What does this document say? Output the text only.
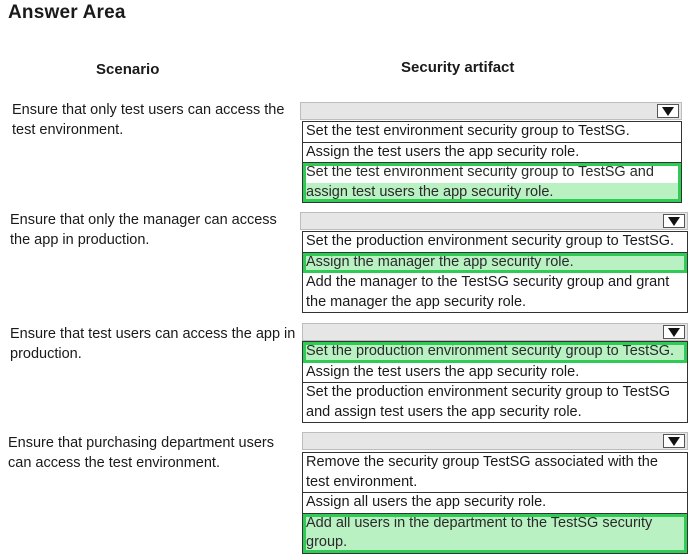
Answer Area
Scenario	Security artifact
Ensure that only test users can access the test environment.	Set the test environment security group to TestSG.
Assign the test users the app security role.
Set the test environment security group to TestSG and
assign test users the app security role.
Ensure that only the manager can access the app in production.	Set the production environment security group to TestSG.
Assign the manager the app security role.
Add the manager to the TestSG security group and grant the manager the app security role.
Ensure that test users can access the app in production.	Set the production environment security group to TestSG.
Assign the test users the app security role.
Set the production environment security group to TestSG and assign test users the app security role.
Ensure that purchasing department users can access the test environment.	Remove the security group TestSG associated with the test environment.
Assign all users the app security role.
Add all users in the department to the TestSG security group.
